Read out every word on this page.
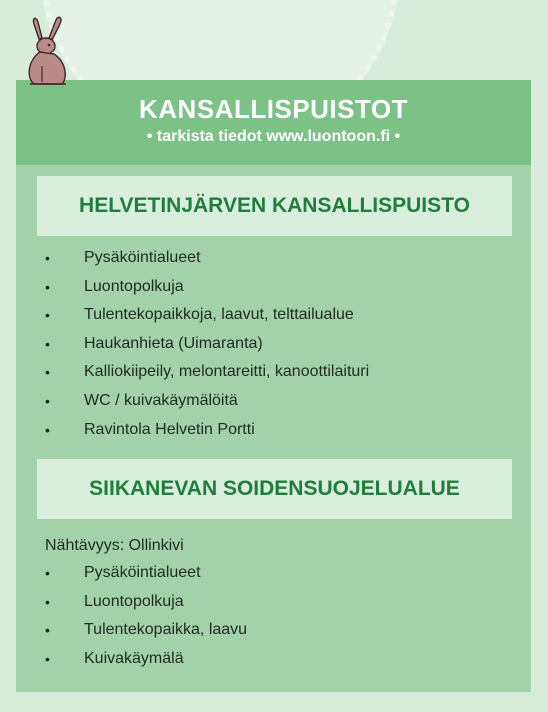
KANSALLISPUISTOT
• tarkista tiedot www.luontoon.fi •
HELVETINJÄRVEN KANSALLISPUISTO
• Pysäköintialueet
• Luontopolkuja
• Tulentekopaikkoja, laavut, telttailualue
• Haukanhieta (Uimaranta)
• Kalliokiipeily, melontareitti, kanoottilaituri
• WC / kuivakäymälöitä
• Ravintola Helvetin Portti
SIIKANEVAN SOIDENSUOJELUALUE
Nähtävyys: Ollinkivi
• Pysäköintialueet
• Luontopolkuja
• Tulentekopaikka, laavu
• Kuivakäymälä
